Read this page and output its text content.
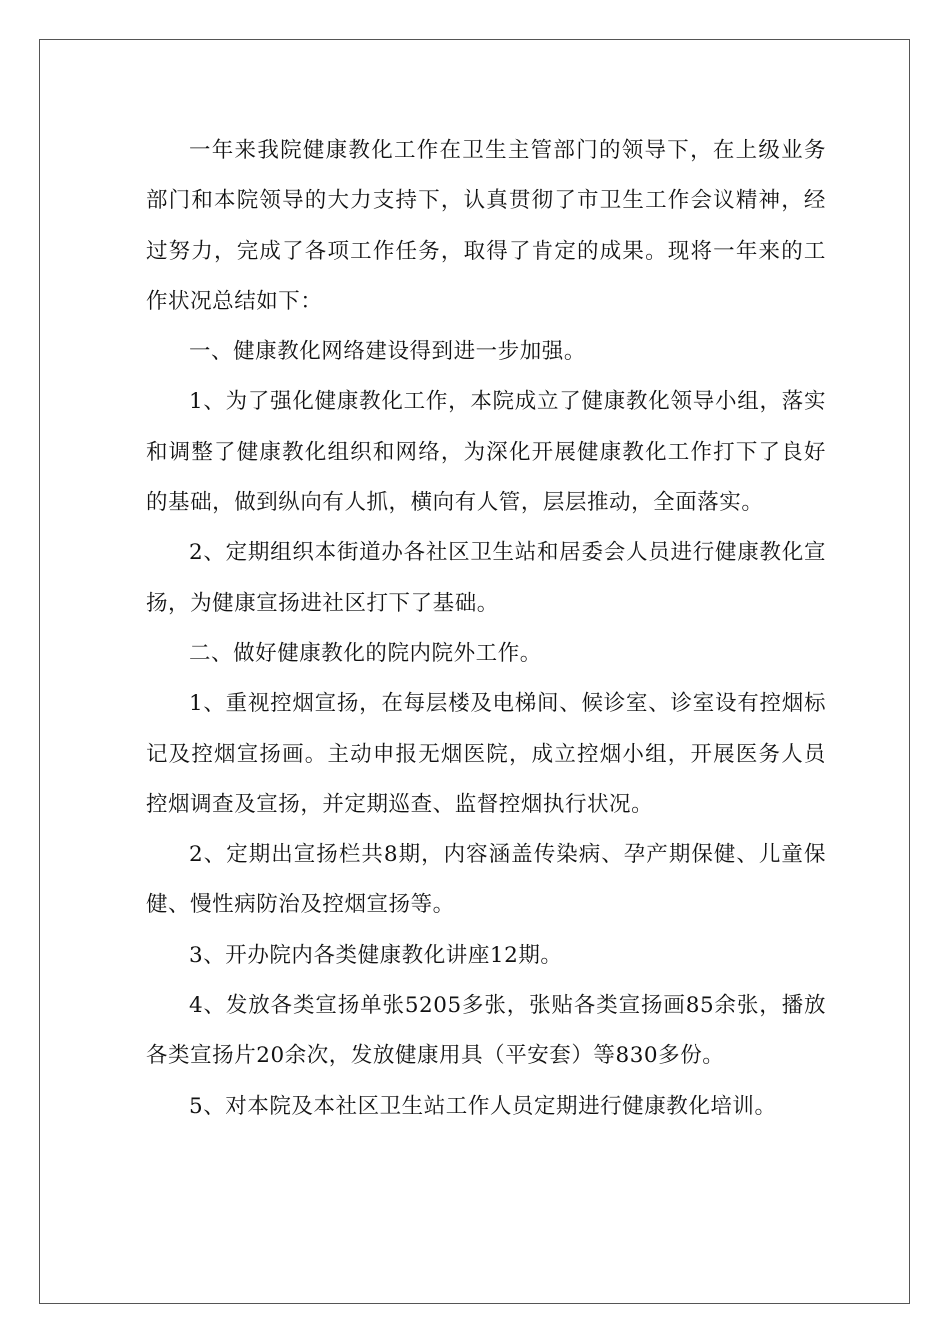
一年来我院健康教化工作在卫生主管部门的领导下，在上级业务部门和本院领导的大力支持下，认真贯彻了市卫生工作会议精神，经过努力，完成了各项工作任务，取得了肯定的成果。现将一年来的工作状况总结如下：

一、健康教化网络建设得到进一步加强。

1、为了强化健康教化工作，本院成立了健康教化领导小组，落实和调整了健康教化组织和网络，为深化开展健康教化工作打下了良好的基础，做到纵向有人抓，横向有人管，层层推动，全面落实。

2、定期组织本街道办各社区卫生站和居委会人员进行健康教化宣扬，为健康宣扬进社区打下了基础。

二、做好健康教化的院内院外工作。

1、重视控烟宣扬，在每层楼及电梯间、候诊室、诊室设有控烟标记及控烟宣扬画。主动申报无烟医院，成立控烟小组，开展医务人员控烟调查及宣扬，并定期巡查、监督控烟执行状况。

2、定期出宣扬栏共8期，内容涵盖传染病、孕产期保健、儿童保健、慢性病防治及控烟宣扬等。

3、开办院内各类健康教化讲座12期。

4、发放各类宣扬单张5205多张，张贴各类宣扬画85余张，播放各类宣扬片20余次，发放健康用具（平安套）等830多份。

5、对本院及本社区卫生站工作人员定期进行健康教化培训。
